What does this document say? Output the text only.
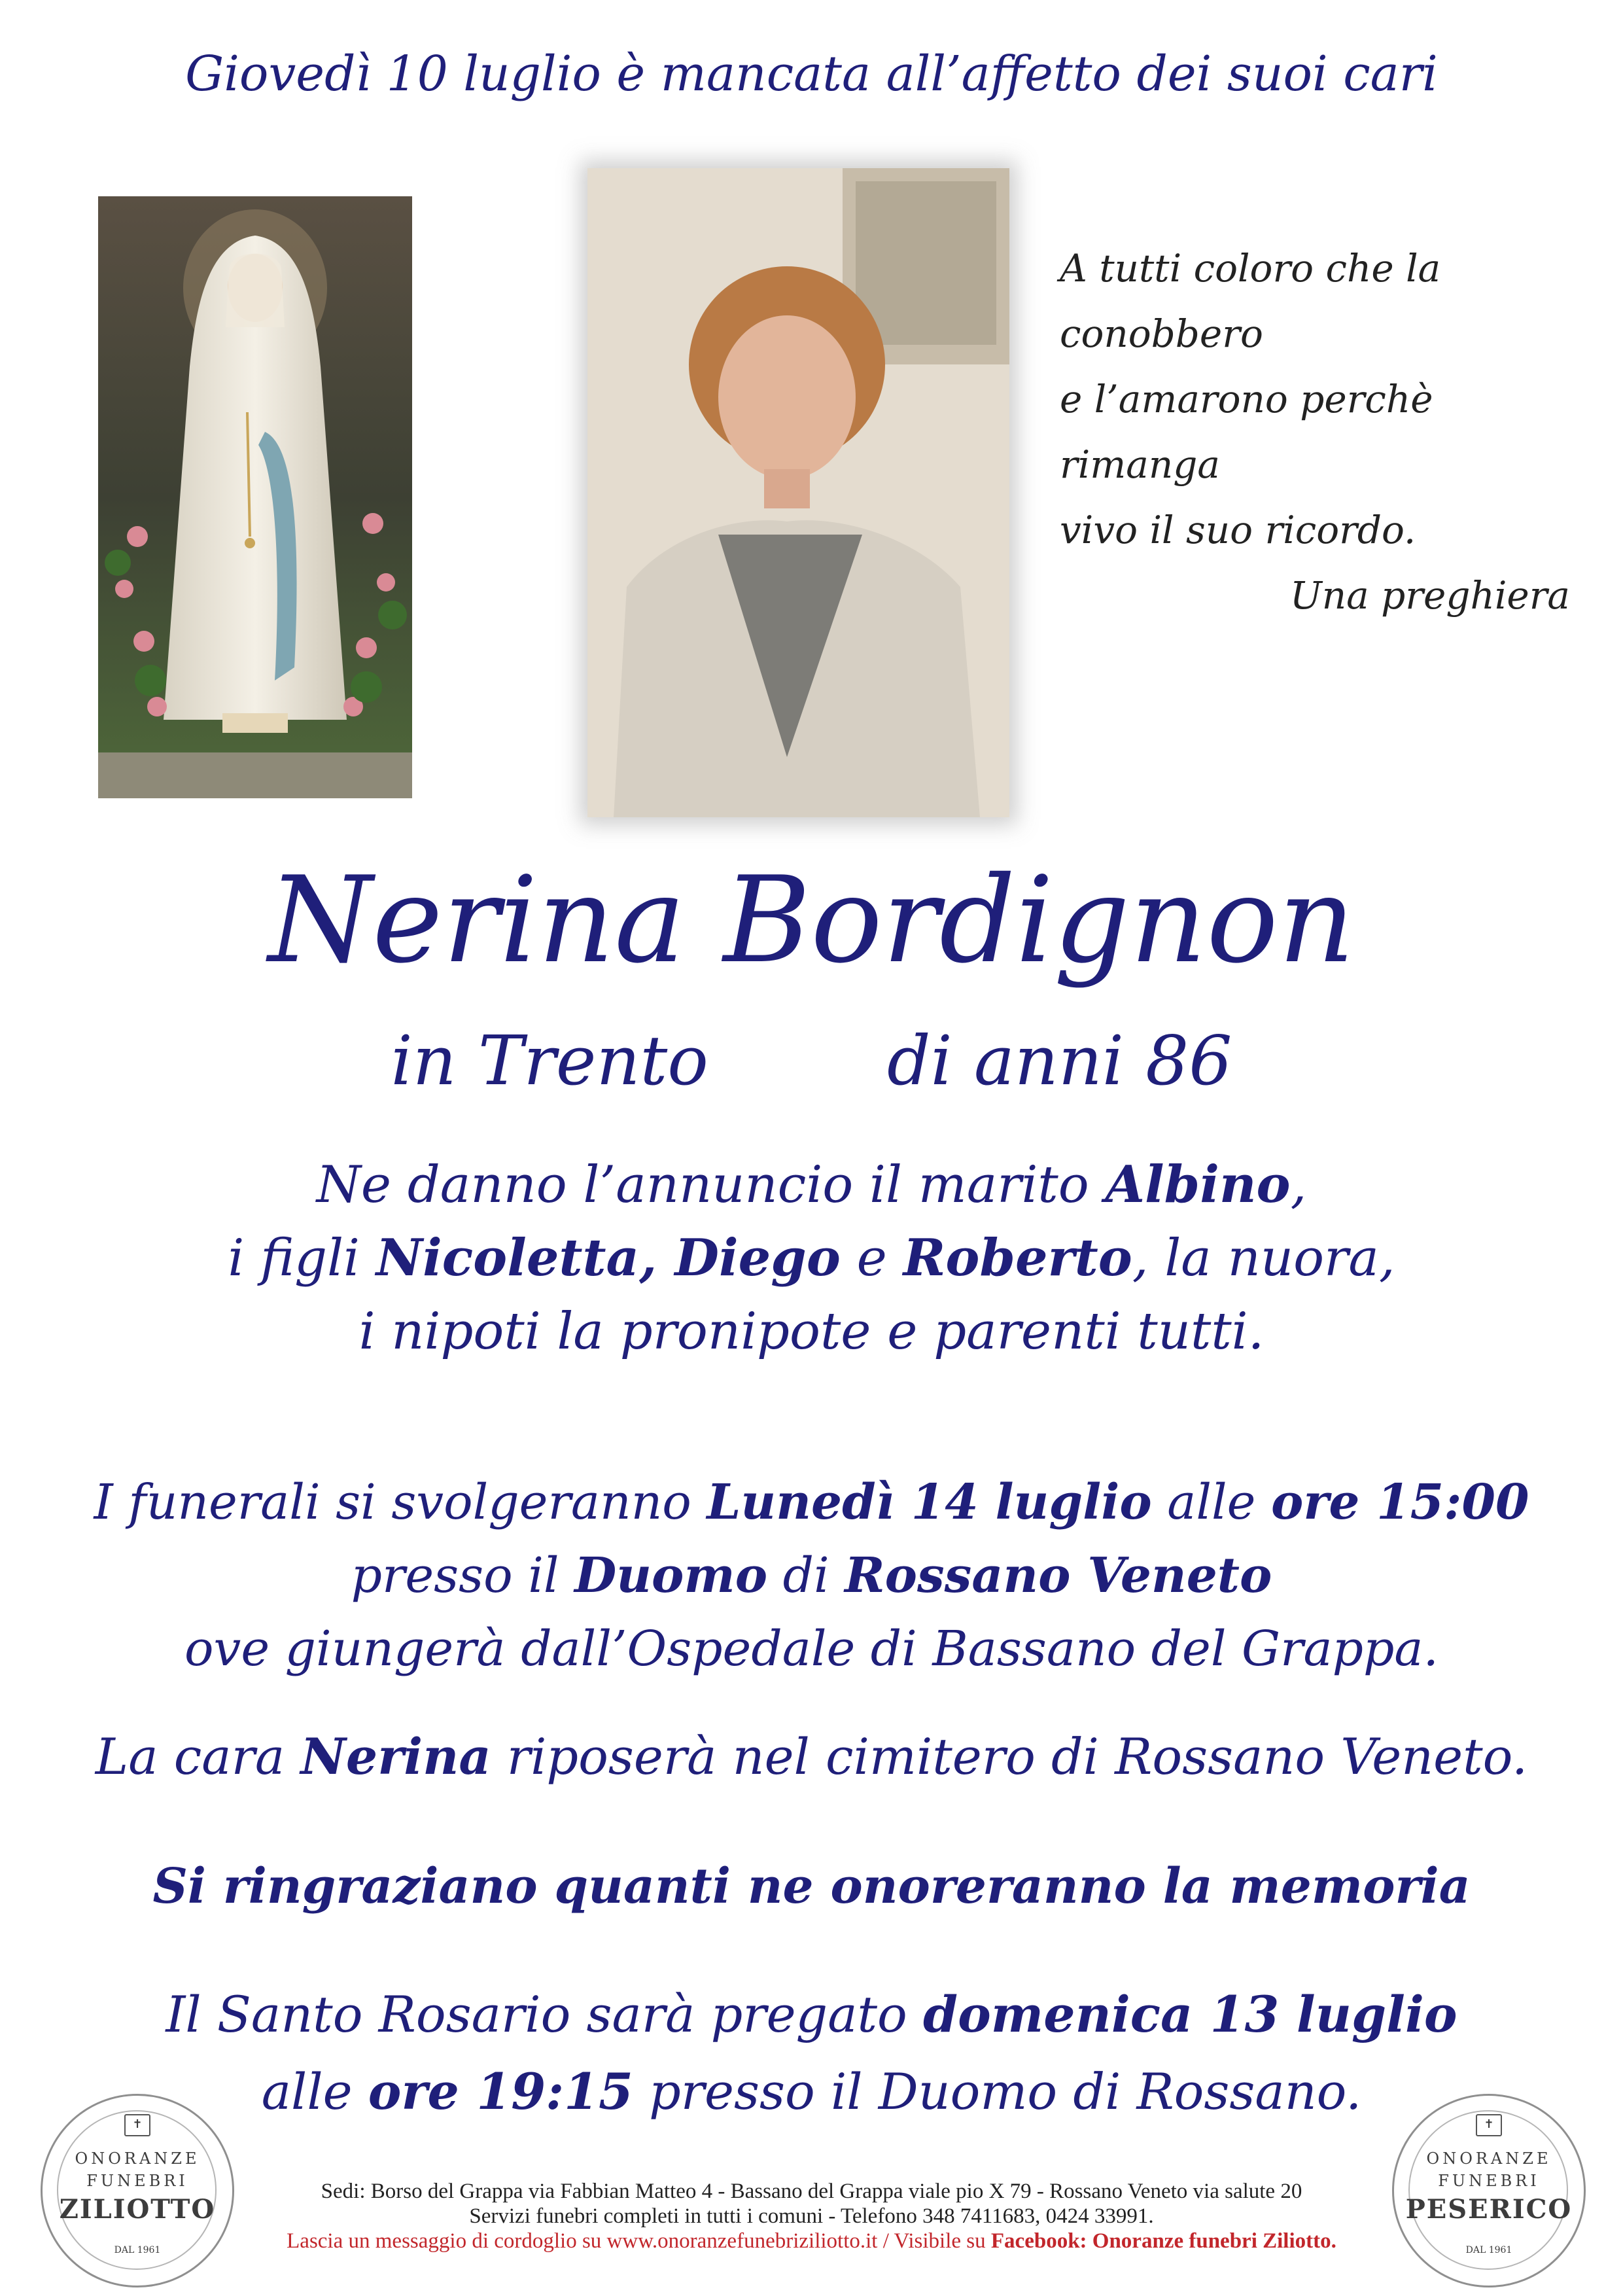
Giovedì 10 luglio è mancata all’affetto dei suoi cari
A tutti coloro che la conobbero
e l’amarono perchè rimanga
vivo il suo ricordo.
Una preghiera
Nerina Bordignon
in Trento	di anni 86
Ne danno l’annuncio il marito Albino,
i figli Nicoletta, Diego e Roberto, la nuora,
i nipoti la pronipote e parenti tutti.
I funerali si svolgeranno Lunedì 14 luglio alle ore 15:00
presso il Duomo di Rossano Veneto
ove giungerà dall’Ospedale di Bassano del Grappa.
La cara Nerina riposerà nel cimitero di Rossano Veneto.
Si ringraziano quanti ne onoreranno la memoria
Il Santo Rosario sarà pregato domenica 13 luglio
alle ore 19:15 presso il Duomo di Rossano.
✝
ONORANZE
FUNEBRI
ZILIOTTO
DAL 1961
✝
ONORANZE
FUNEBRI
PESERICO
DAL 1961
Sedi: Borso del Grappa via Fabbian Matteo 4 - Bassano del Grappa viale pio X 79 - Rossano Veneto via salute 20
Servizi funebri completi in tutti i comuni - Telefono 348 7411683, 0424 33991.
Lascia un messaggio di cordoglio su www.onoranzefunebriziliotto.it / Visibile su Facebook: Onoranze funebri Ziliotto.
